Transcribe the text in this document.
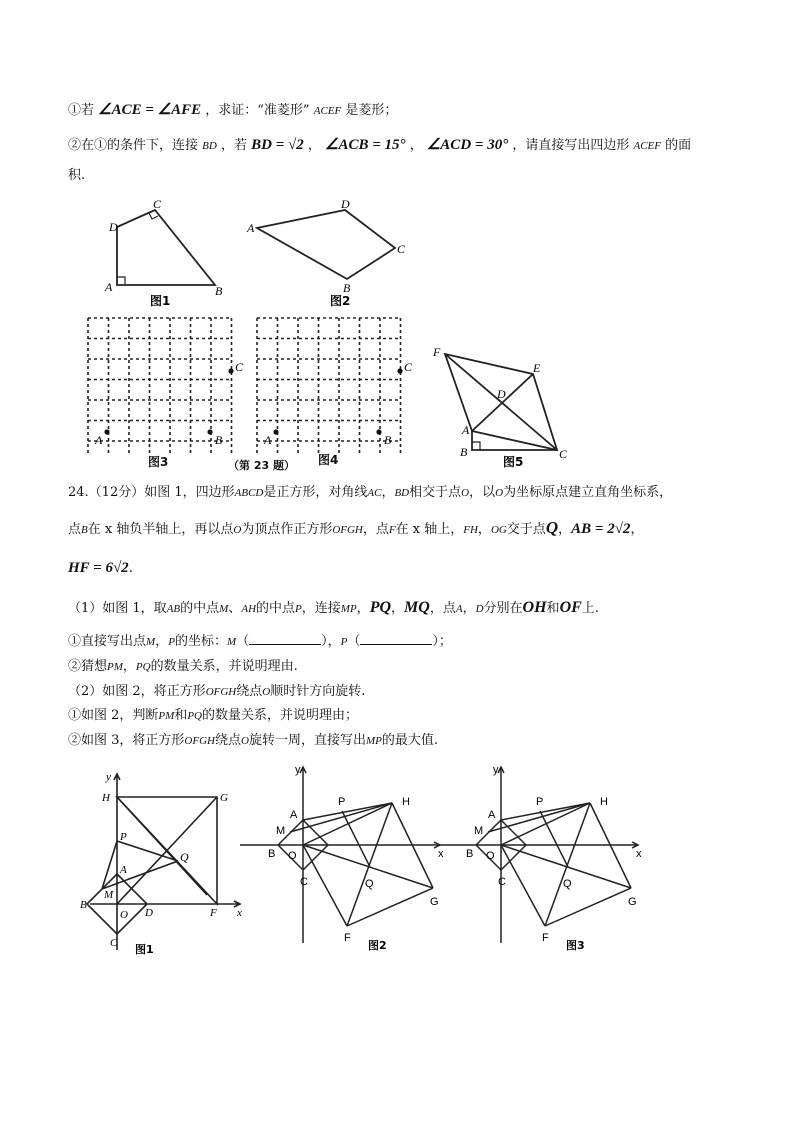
①若 ∠ACE = ∠AFE ，求证：“准菱形” ACEF 是菱形；
②在①的条件下，连接 BD ，若 BD = √2 ， ∠ACB = 15° ， ∠ACD = 30° ，请直接写出四边形 ACEF 的面
积.
D
C
A	B
图1
A
D
C
B
图2
A	B
C
图3	（第 23 题）
A	B
C
图4
F
E
D
A
B	C
图5
24.（12分）如图 1，四边形ABCD是正方形，对角线AC，BD相交于点O，以O为坐标原点建立直角坐标系，
点B在 x 轴负半轴上，再以点O为顶点作正方形OFGH，点F在 x 轴上，FH，OG交于点Q，AB = 2√2，
HF = 6√2.
（1）如图 1，取AB的中点M、AH的中点P，连接MP，PQ，MQ，点A，D分别在OH和OF上.
①直接写出点M，P的坐标：M（	），P（	）；
②猜想PM，PQ的数量关系，并说明理由.
（2）如图 2，将正方形OFGH绕点O顺时针方向旋转.
①如图 2，判断PM和PQ的数量关系，并说明理由；
②如图 3，将正方形OFGH绕点O旋转一周，直接写出MP的最大值.
y
x
H	G
P
Q
A
M
B
O D	F
C 图1
y
x
P	H
A
M
B O
C	Q
G
F
图2
y
x
P	H
A
M
B O
C	Q
G
F
图3
